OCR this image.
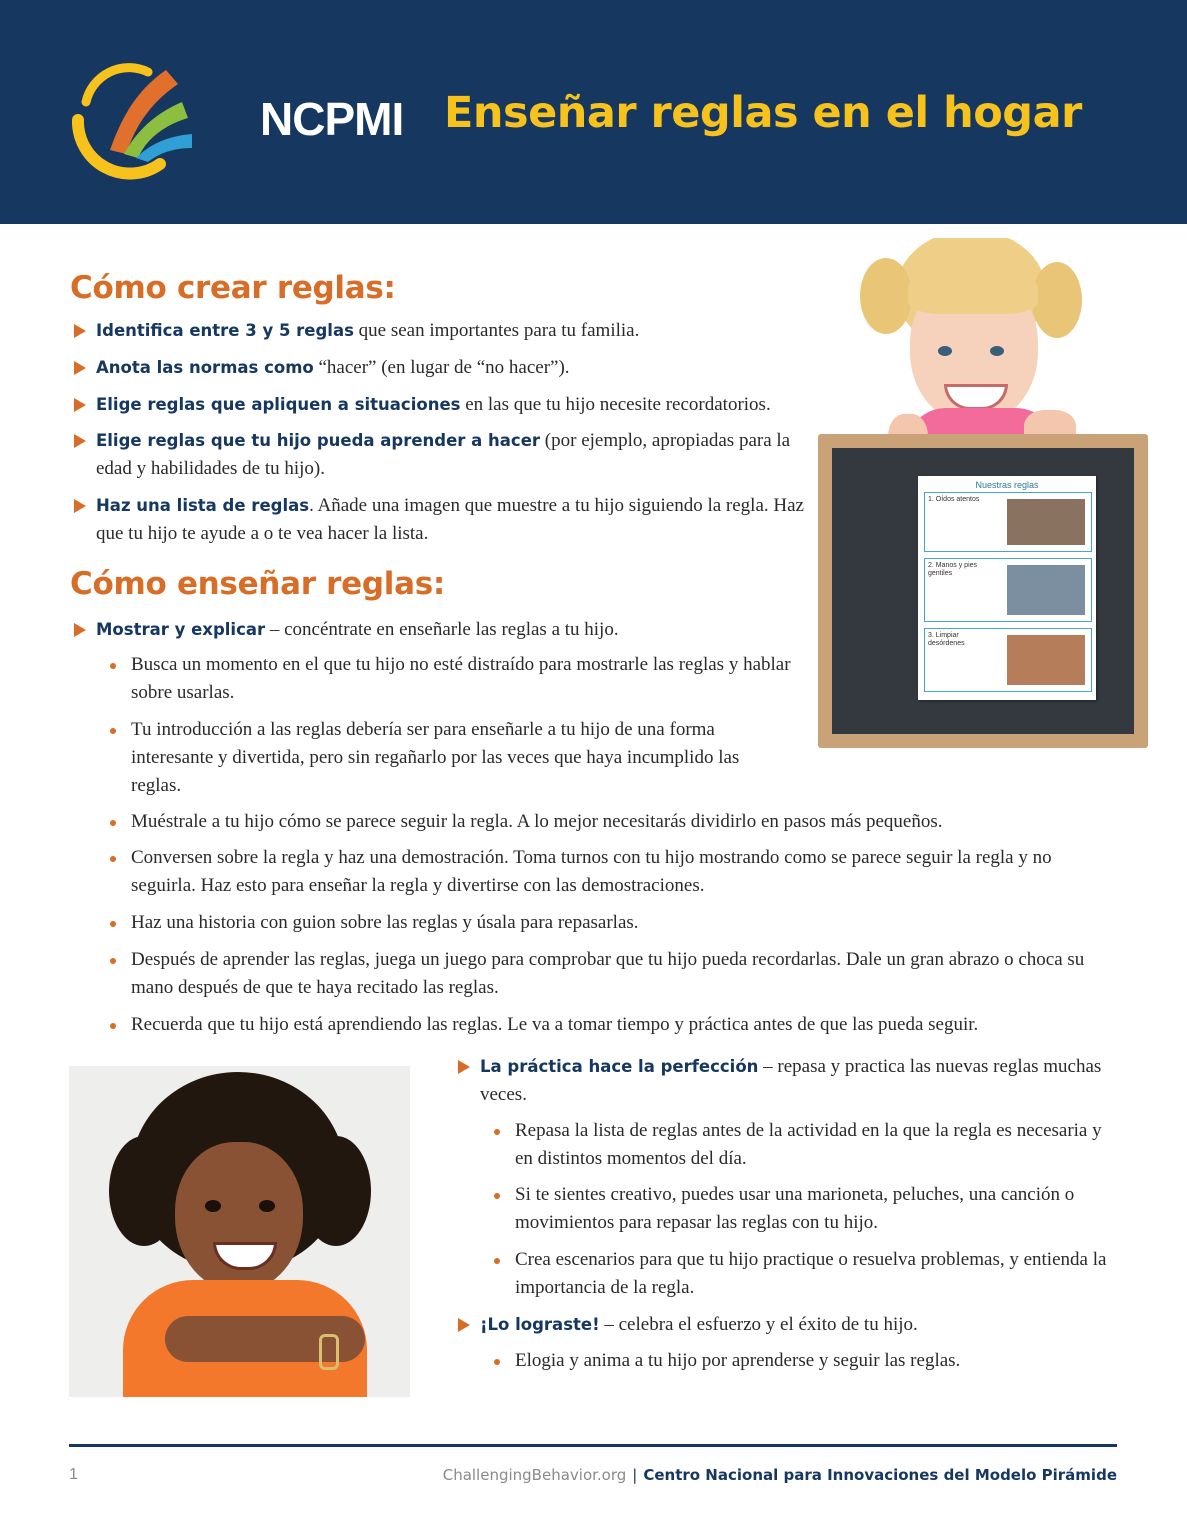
NCPMI Enseñar reglas en el hogar
Nuestras reglas
1. Oídos atentos
2. Manos y pies gentiles
3. Limpiar desórdenes
Cómo crear reglas:
Identifica entre 3 y 5 reglas que sean importantes para tu familia.
Anota las normas como “hacer” (en lugar de “no hacer”).
Elige reglas que apliquen a situaciones en las que tu hijo necesite recordatorios.
Elige reglas que tu hijo pueda aprender a hacer (por ejemplo, apropiadas para la edad y habilidades de tu hijo).
Haz una lista de reglas. Añade una imagen que muestre a tu hijo siguiendo la regla. Haz que tu hijo te ayude a o te vea hacer la lista.
Cómo enseñar reglas:
Mostrar y explicar – concéntrate en enseñarle las reglas a tu hijo.
Busca un momento en el que tu hijo no esté distraído para mostrarle las reglas y hablar sobre usarlas.
Tu introducción a las reglas debería ser para enseñarle a tu hijo de una forma interesante y divertida, pero sin regañarlo por las veces que haya incumplido las reglas.
Muéstrale a tu hijo cómo se parece seguir la regla. A lo mejor necesitarás dividirlo en pasos más pequeños.
Conversen sobre la regla y haz una demostración. Toma turnos con tu hijo mostrando como se parece seguir la regla y no seguirla. Haz esto para enseñar la regla y divertirse con las demostraciones.
Haz una historia con guion sobre las reglas y úsala para repasarlas.
Después de aprender las reglas, juega un juego para comprobar que tu hijo pueda recordarlas. Dale un gran abrazo o choca su mano después de que te haya recitado las reglas.
Recuerda que tu hijo está aprendiendo las reglas. Le va a tomar tiempo y práctica antes de que las pueda seguir.
La práctica hace la perfección – repasa y practica las nuevas reglas muchas veces.
Repasa la lista de reglas antes de la actividad en la que la regla es necesaria y en distintos momentos del día.
Si te sientes creativo, puedes usar una marioneta, peluches, una canción o movimientos para repasar las reglas con tu hijo.
Crea escenarios para que tu hijo practique o resuelva problemas, y entienda la importancia de la regla.
¡Lo lograste! – celebra el esfuerzo y el éxito de tu hijo.
Elogia y anima a tu hijo por aprenderse y seguir las reglas.
1	ChallengingBehavior.org | Centro Nacional para Innovaciones del Modelo Pirámide
